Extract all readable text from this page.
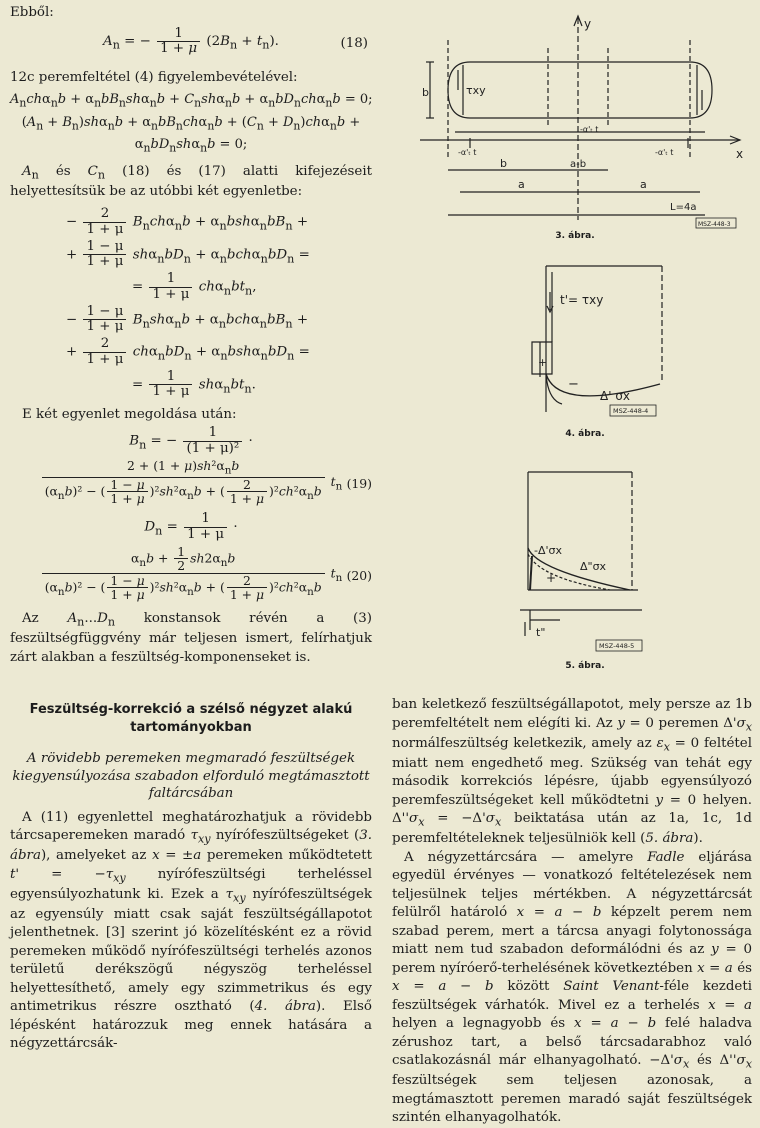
Ebből:

$A_n$ = − $\frac{1}{1 + \mu} (2B_n + t_n)$.	(18)

12c peremfeltétel (4) figyelembevételével:

$A_nch\alpha_nb + \alpha_nbB_nsh\alpha_nb + C_nsh\alpha_nb + \alpha_nbD_nch\alpha_nb = 0$;
$(A_n + B_n)sh\alpha_nb + \alpha_nbB_nch\alpha_nb + (C_n + D_n)ch\alpha_nb$ +
$\alpha_nbD_nsh\alpha_nb = 0$;

$A_n$ és $C_n$ (18) és (17) alatti kifejezéseit helyettesítsük be az utóbbi két egyenletbe:

− $\frac{2}{1 + \mu} B_nch\alpha_nb + \alpha_nbsh\alpha_nbB_n$ +
+ $\frac{1 - \mu}{1 + \mu} sh\alpha_nbD_n + \alpha_nbch\alpha_nbD_n$ =
= $\frac{1}{1 + \mu} ch\alpha_nbt_n$,
− $\frac{1 - \mu}{1 + \mu} B_nsh\alpha_nb + \alpha_nbch\alpha_nbB_n$ +
+ $\frac{2}{1 + \mu} ch\alpha_nbD_n + \alpha_nbsh\alpha_nbD_n$ =
= $\frac{1}{1 + \mu} sh\alpha_nbt_n$.

E két egyenlet megoldása után:

$B_n$ = − $\frac{1}{\text{(1 + μ)²}}$ ·
$\frac{2 + (1 + \mu)sh^2\alpha_nb}{(\alpha_nb)^2 - ( \frac{1 - \mu}{1 + \mu} )^2sh^2\alpha_nb + ( \frac{2}{1 + \mu} )^2ch^2\alpha_nb} t_n$ (19)
$D_n = \frac{1}{1 + \mu}$ ·
$\frac{\alpha_nb + \frac{1}{2} sh2\alpha_nb}{(\alpha_nb)^2 - ( \frac{1 - \mu}{1 + \mu} )^2sh^2\alpha_nb + ( \frac{2}{1 + \mu} )^2ch^2\alpha_nb} t_n$ (20)

Az $A_n...D_n$ konstansok révén a (3) feszültségfüggvény már teljesen ismert, felírhatjuk zárt alakban a feszültség-komponenseket is.

Feszültség-korrekció a szélső négyzet alakú tartományokban
A rövidebb peremeken megmaradó feszültségek kiegyensúlyozása szabadon elforduló megtámasztott faltárcsában

A (11) egyenlettel meghatározhatjuk a rövidebb tárcsaperemeken maradó $\tau_{xy}$ nyírófeszültségeket (3. ábra), amelyeket az x = ±a peremeken működtetett $t' = -\tau_{xy}$ nyírófeszültségi terheléssel egyensúlyozhatunk ki. Ezek a $\tau_{xy}$ nyírófeszültségek az egyensúly miatt csak saját feszültségállapotot jelenthetnek. [3] szerint jó közelítésként ez a rövid peremeken működő nyírófeszültségi terhelés azonos területű derékszögű négyszög terheléssel helyettesíthető, amely egy szimmetrikus és egy antimetrikus részre osztható (4. ábra). Első lépésként határozzuk meg ennek hatására a négyzettárcsák-

b
y
x
τxy
-α'ₜ t
-α'ₜ t	-α'ₜ t
b	a-b
a	a
L=4a
MSZ-448-3
3. ábra.
t'= τxy
+
−
Δ' σx
MSZ-448-4
4. ábra.
-Δ'σx
Δ"σx
+
t"
MSZ-448-5
5. ábra.

ban keletkező feszültségállapotot, mely persze az 1b peremfeltételt nem elégíti ki. Az y = 0 peremen $\Delta'\sigma_x$ normálfeszültség keletkezik, amely az $\varepsilon_x = 0$ feltétel miatt nem engedhető meg. Szükség van tehát egy második korrekciós lépésre, újabb egyensúlyozó peremfeszültségeket kell működtetni y = 0 helyen. $\Delta''\sigma_x = -\Delta'\sigma_x$ beiktatása után az 1a, 1c, 1d peremfeltételeknek teljesülniök kell (5. ábra).

A négyzettárcsára — amelyre Fadle eljárása egyedül érvényes — vonatkozó feltételezések nem teljesülnek teljes mértékben. A négyzettárcsát felülről határoló x = a − b képzelt perem nem szabad perem, mert a tárcsa anyagi folytonossága miatt nem tud szabadon deformálódni és az y = 0 perem nyíróerő-terhelésének következtében x = a és x = a − b között Saint Venant-féle kezdeti feszültségek várhatók. Mivel ez a terhelés x = a helyen a legnagyobb és x = a − b felé haladva zérushoz tart, a belső tárcsadarabhoz való csatlakozásnál már elhanyagolható. $-\Delta'\sigma_x$ és $\Delta''\sigma_x$ feszültségek sem teljesen azonosak, a megtámasztott peremen maradó saját feszültségek szintén elhanyagolhatók.
